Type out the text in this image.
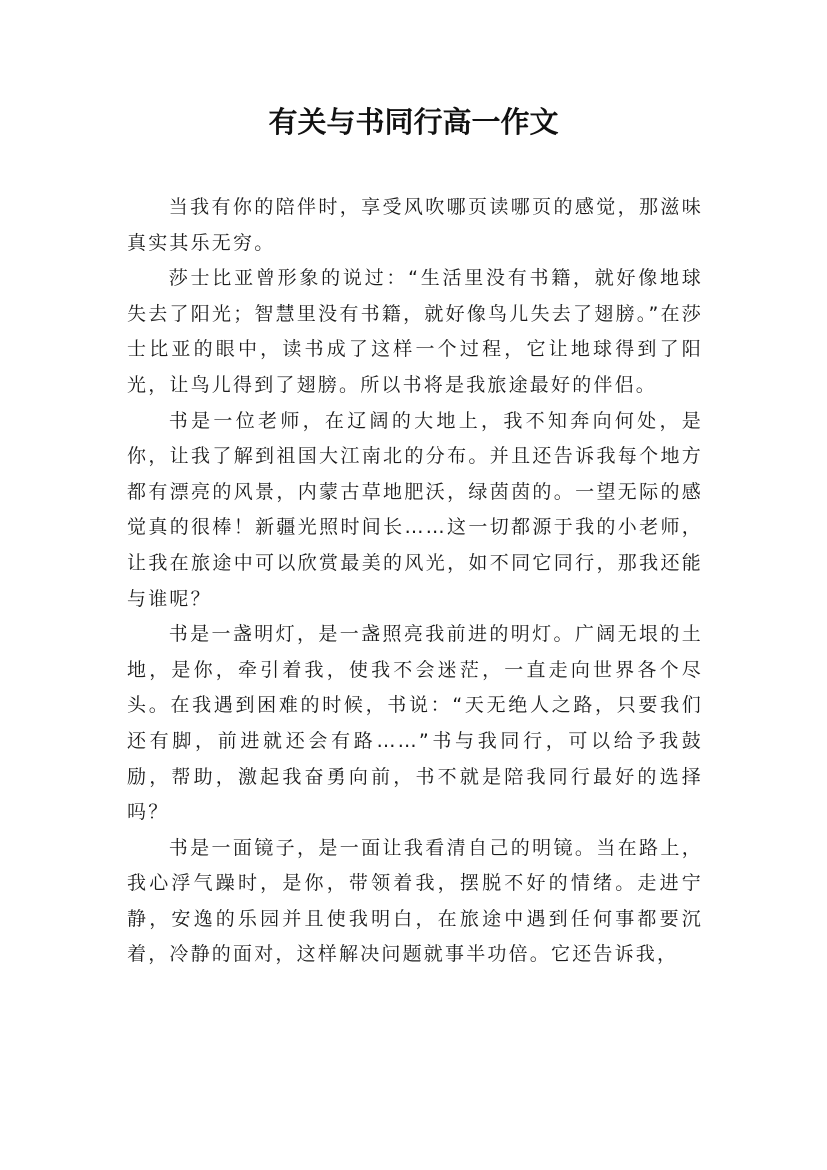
有关与书同行高一作文

当我有你的陪伴时，享受风吹哪页读哪页的感觉，那滋味真实其乐无穷。

莎士比亚曾形象的说过：“生活里没有书籍，就好像地球失去了阳光；智慧里没有书籍，就好像鸟儿失去了翅膀。”在莎士比亚的眼中，读书成了这样一个过程，它让地球得到了阳光，让鸟儿得到了翅膀。所以书将是我旅途最好的伴侣。

书是一位老师，在辽阔的大地上，我不知奔向何处，是你，让我了解到祖国大江南北的分布。并且还告诉我每个地方都有漂亮的风景，内蒙古草地肥沃，绿茵茵的。一望无际的感觉真的很棒！新疆光照时间长……这一切都源于我的小老师，让我在旅途中可以欣赏最美的风光，如不同它同行，那我还能与谁呢？

书是一盏明灯，是一盏照亮我前进的明灯。广阔无垠的土地，是你，牵引着我，使我不会迷茫，一直走向世界各个尽头。在我遇到困难的时候，书说：“天无绝人之路，只要我们还有脚，前进就还会有路……”书与我同行，可以给予我鼓励，帮助，激起我奋勇向前，书不就是陪我同行最好的选择吗？

书是一面镜子，是一面让我看清自己的明镜。当在路上，我心浮气躁时，是你，带领着我，摆脱不好的情绪。走进宁静，安逸的乐园并且使我明白，在旅途中遇到任何事都要沉着，冷静的面对，这样解决问题就事半功倍。它还告诉我，
